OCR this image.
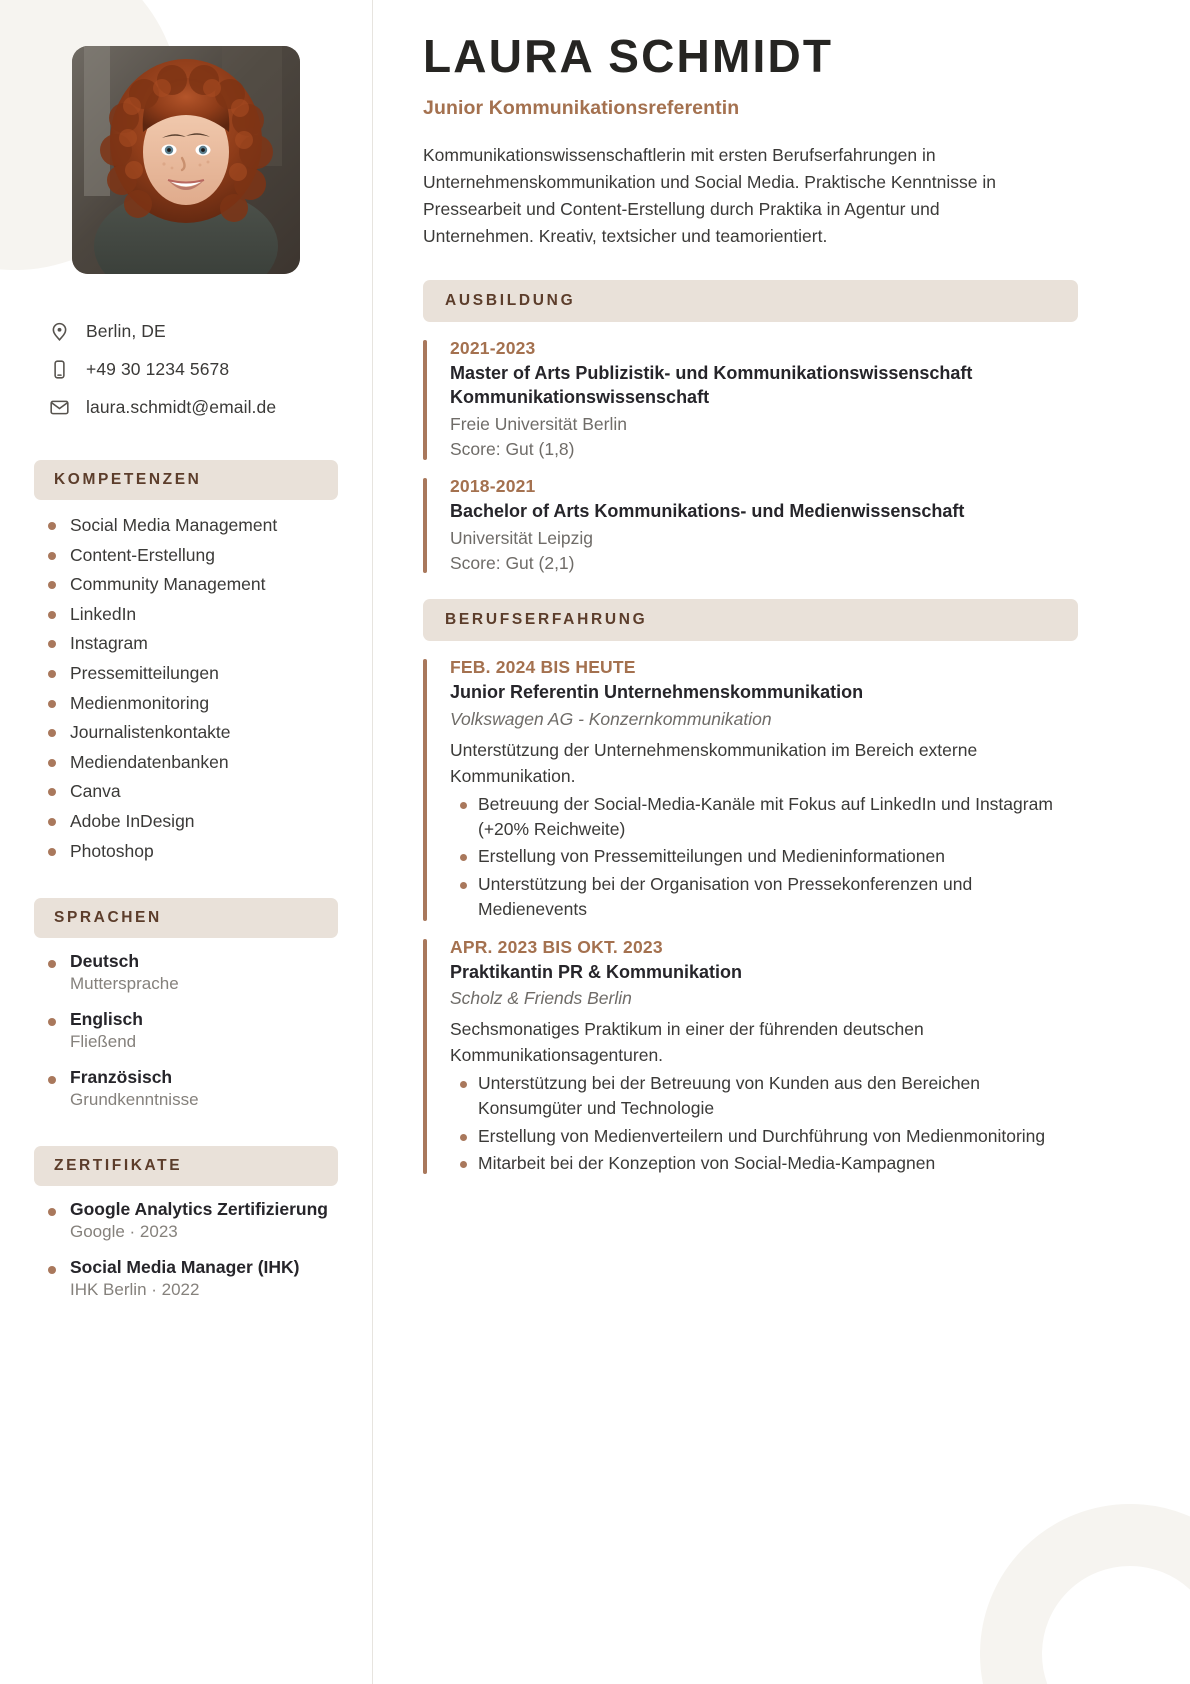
Berlin, DE
+49 30 1234 5678
laura.schmidt@email.de
KOMPETENZEN
Social Media Management
Content-Erstellung
Community Management
LinkedIn
Instagram
Pressemitteilungen
Medienmonitoring
Journalistenkontakte
Mediendatenbanken
Canva
Adobe InDesign
Photoshop
SPRACHEN
Deutsch
Muttersprache
Englisch
Fließend
Französisch
Grundkenntnisse
ZERTIFIKATE
Google Analytics Zertifizierung
Google · 2023
Social Media Manager (IHK)
IHK Berlin · 2022
LAURA SCHMIDT
Junior Kommunikationsreferentin

Kommunikationswissenschaftlerin mit ersten Berufserfahrungen in Unternehmenskommunikation und Social Media. Praktische Kenntnisse in Pressearbeit und Content-Erstellung durch Praktika in Agentur und Unternehmen. Kreativ, textsicher und teamorientiert.

AUSBILDUNG
2021-2023
Master of Arts Publizistik- und Kommunikationswissenschaft Kommunikationswissenschaft
Freie Universität Berlin
Score: Gut (1,8)
2018-2021
Bachelor of Arts Kommunikations- und Medienwissenschaft
Universität Leipzig
Score: Gut (2,1)
BERUFSERFAHRUNG
FEB. 2024 BIS HEUTE
Junior Referentin Unternehmenskommunikation
Volkswagen AG - Konzernkommunikation
Unterstützung der Unternehmenskommunikation im Bereich externe Kommunikation.
Betreuung der Social-Media-Kanäle mit Fokus auf LinkedIn und Instagram (+20% Reichweite)
Erstellung von Pressemitteilungen und Medieninformationen
Unterstützung bei der Organisation von Pressekonferenzen und Medienevents
APR. 2023 BIS OKT. 2023
Praktikantin PR & Kommunikation
Scholz & Friends Berlin
Sechsmonatiges Praktikum in einer der führenden deutschen Kommunikationsagenturen.
Unterstützung bei der Betreuung von Kunden aus den Bereichen Konsumgüter und Technologie
Erstellung von Medienverteilern und Durchführung von Medienmonitoring
Mitarbeit bei der Konzeption von Social-Media-Kampagnen
